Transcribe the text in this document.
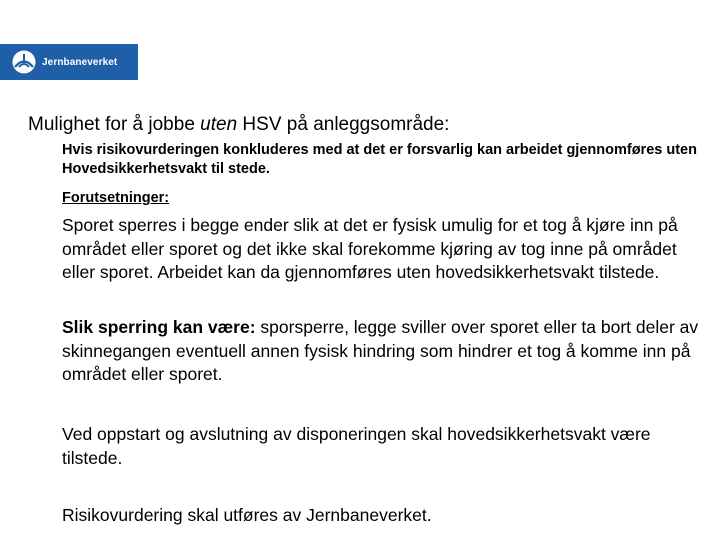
Jernbaneverket
Mulighet for å jobbe uten HSV på anleggsområde:
Hvis risikovurderingen konkluderes med at det er forsvarlig kan arbeidet gjennomføres uten Hovedsikkerhetsvakt til stede.
Forutsetninger:
Sporet sperres i begge ender slik at det er fysisk umulig for et tog å kjøre inn på området eller sporet og det ikke skal forekomme kjøring av tog inne på området eller sporet. Arbeidet kan da gjennomføres uten hovedsikkerhetsvakt tilstede.
Slik sperring kan være: sporsperre, legge sviller over sporet eller ta bort deler av skinnegangen eventuell annen fysisk hindring som hindrer et tog å komme inn på området eller sporet.
Ved oppstart og avslutning av disponeringen skal hovedsikkerhetsvakt være tilstede.
Risikovurdering skal utføres av Jernbaneverket.
